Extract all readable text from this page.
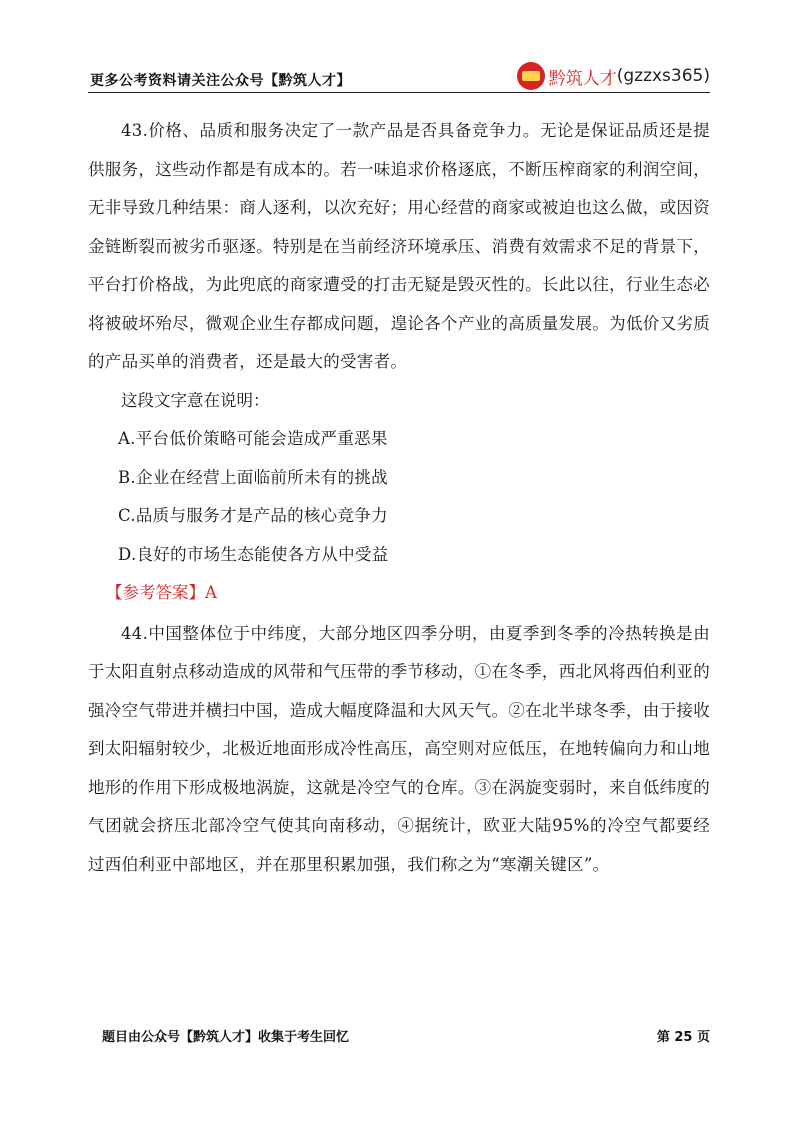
更多公考资料请关注公众号【黔筑人才】	黔筑人才 (gzzxs365)

43.价格、品质和服务决定了一款产品是否具备竞争力。无论是保证品质还是提供服务，这些动作都是有成本的。若一味追求价格逐底，不断压榨商家的利润空间，无非导致几种结果：商人逐利，以次充好；用心经营的商家或被迫也这么做，或因资金链断裂而被劣币驱逐。特别是在当前经济环境承压、消费有效需求不足的背景下，平台打价格战，为此兜底的商家遭受的打击无疑是毁灭性的。长此以往，行业生态必将被破坏殆尽，微观企业生存都成问题，遑论各个产业的高质量发展。为低价又劣质的产品买单的消费者，还是最大的受害者。

这段文字意在说明：

A.平台低价策略可能会造成严重恶果

B.企业在经营上面临前所未有的挑战

C.品质与服务才是产品的核心竞争力

D.良好的市场生态能使各方从中受益

【参考答案】A

44.中国整体位于中纬度，大部分地区四季分明，由夏季到冬季的冷热转换是由于太阳直射点移动造成的风带和气压带的季节移动，①在冬季，西北风将西伯利亚的强冷空气带进并横扫中国，造成大幅度降温和大风天气。②在北半球冬季，由于接收到太阳辐射较少，北极近地面形成冷性高压，高空则对应低压，在地转偏向力和山地地形的作用下形成极地涡旋，这就是冷空气的仓库。③在涡旋变弱时，来自低纬度的气团就会挤压北部冷空气使其向南移动，④据统计，欧亚大陆95%的冷空气都要经过西伯利亚中部地区，并在那里积累加强，我们称之为“寒潮关键区”。

题目由公众号【黔筑人才】收集于考生回忆	第 25 页
